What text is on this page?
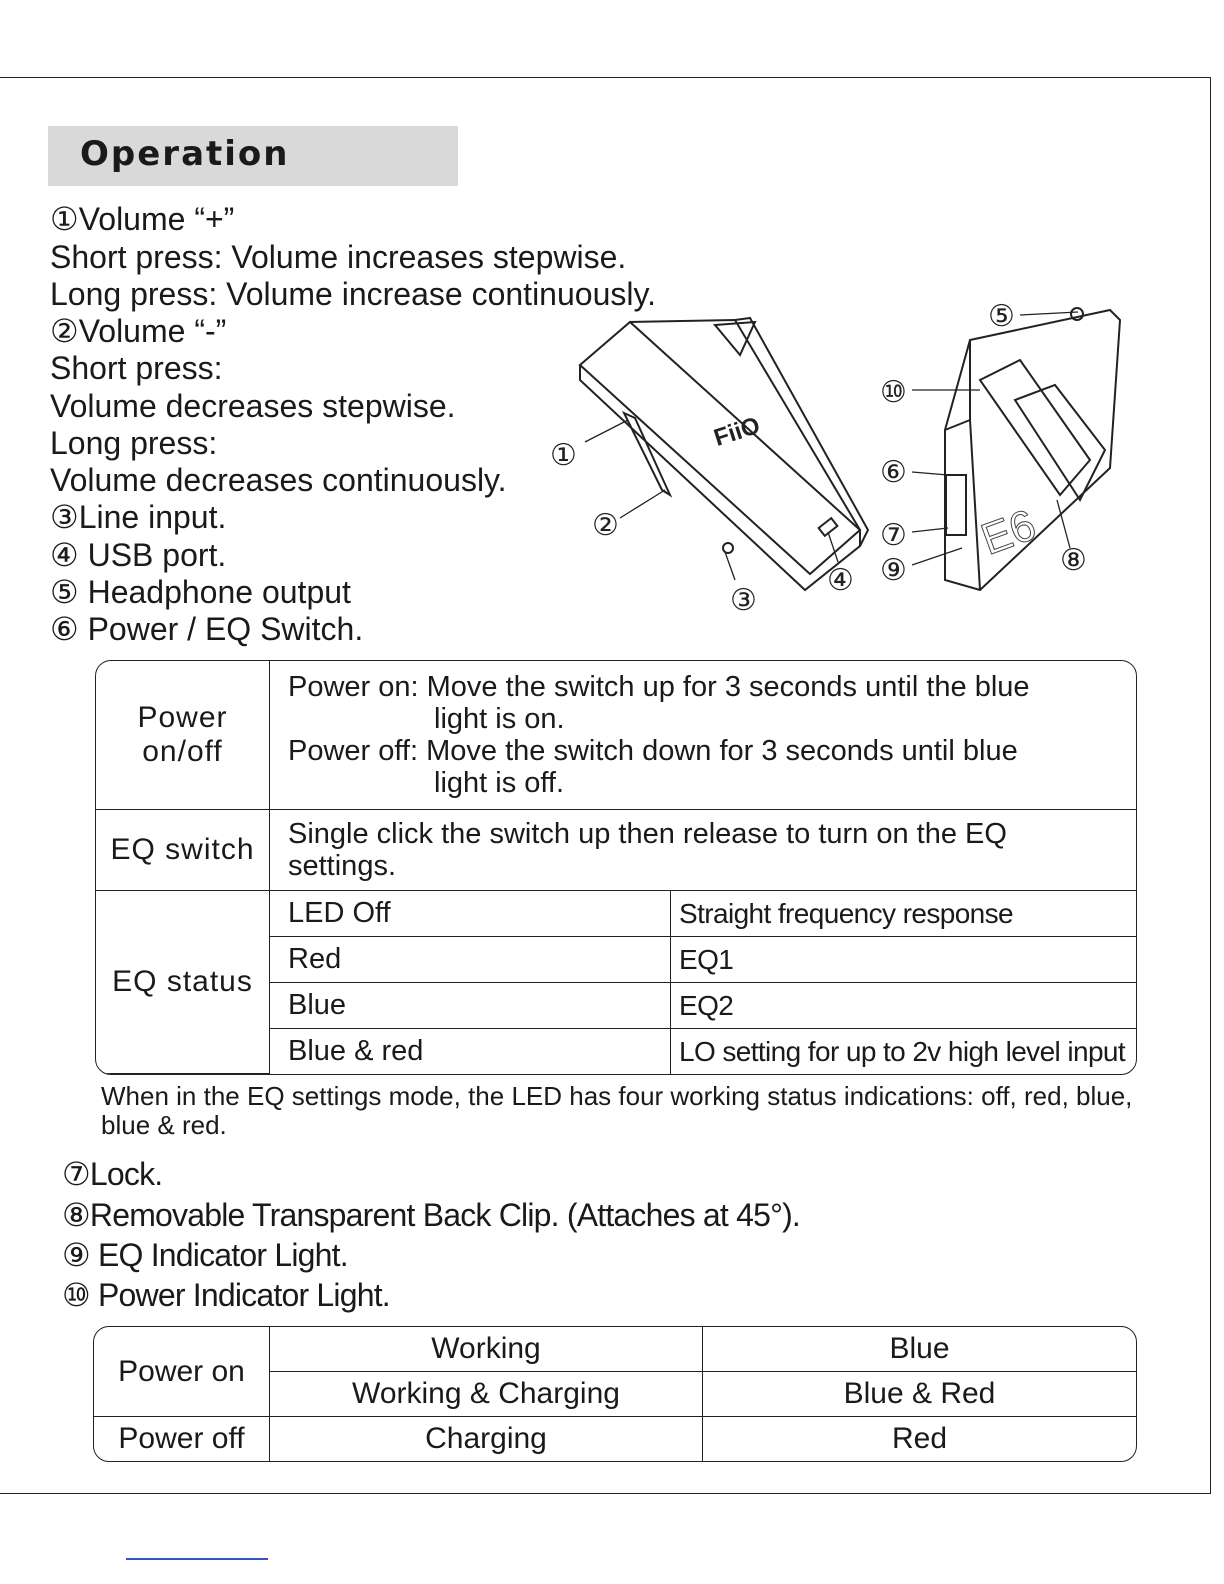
Operation
①Volume “+”
Short press: Volume increases stepwise.
Long press: Volume increase continuously.
②Volume “-”
Short press:
Volume decreases stepwise.
Long press:
Volume decreases continuously.
③Line input.
④ USB port.
⑤ Headphone output
⑥ Power / EQ Switch.
FiiO
E6
①
②
③
④
⑤
⑥
⑦
⑨	⑧
⑩
Power on/off	Power on: Move the switch up for 3 seconds until the blue
light is on.
Power off: Move the switch down for 3 seconds until blue
light is off.	

EQ switch	Single click the switch up then release to turn on the EQ settings.	
EQ status	LED Off	Straight frequency response
	Red	EQ1
	Blue	EQ2
	Blue & red	LO setting for up to 2v high level input
When in the EQ settings mode, the LED has four working status indications: off, red, blue, blue & red.
⑦Lock.
⑧Removable Transparent Back Clip. (Attaches at 45°).
⑨ EQ Indicator Light.
⑩ Power Indicator Light.
Power on	Working	Blue
	Working & Charging	Blue & Red
Power off	Charging	Red
